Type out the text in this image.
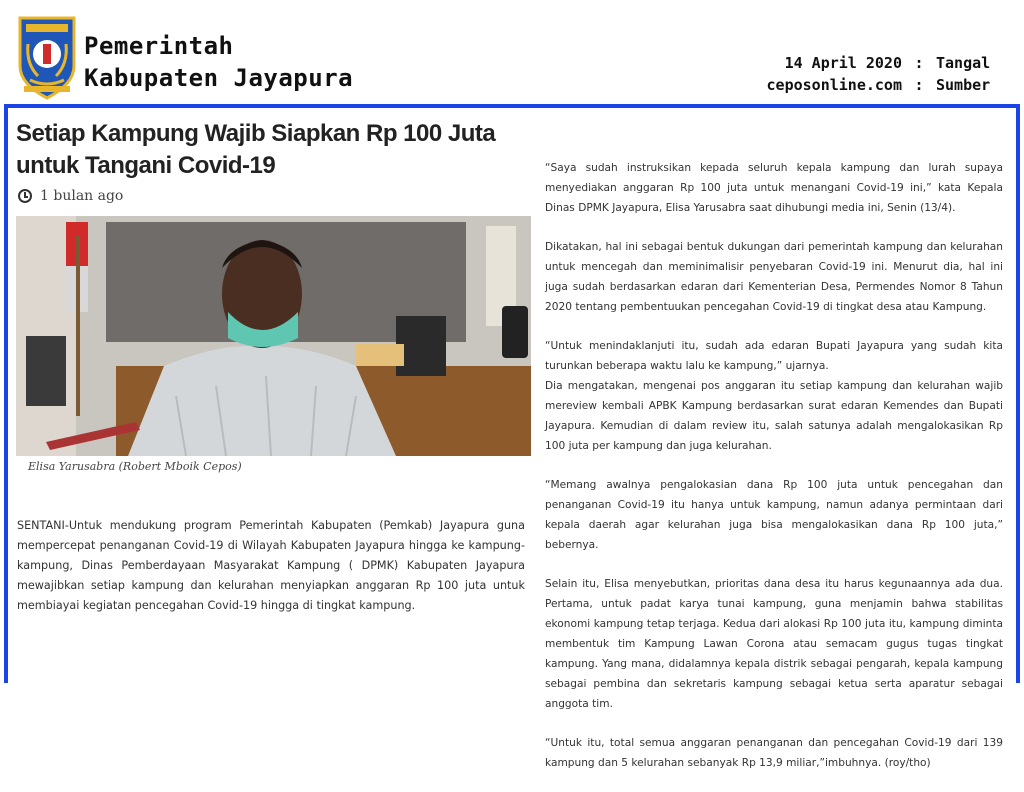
Pemerintah
Kabupaten Jayapura
14 April 2020 : Tangal
ceposonline.com : Sumber
Setiap Kampung Wajib Siapkan Rp 100 Juta untuk Tangani Covid-19
1 bulan ago
Elisa Yarusabra (Robert Mboik Cepos)

SENTANI-Untuk mendukung program Pemerintah Kabupaten (Pemkab) Jayapura guna mempercepat penanganan Covid-19 di Wilayah Kabupaten Jayapura hingga ke kampung-kampung, Dinas Pemberdayaan Masyarakat Kampung ( DPMK) Kabupaten Jayapura mewajibkan setiap kampung dan kelurahan menyiapkan anggaran Rp 100 juta untuk membiayai kegiatan pencegahan Covid-19 hingga di tingkat kampung.

“Saya sudah instruksikan kepada seluruh kepala kampung dan lurah supaya menyediakan anggaran Rp 100 juta untuk menangani Covid-19 ini,” kata Kepala Dinas DPMK Jayapura, Elisa Yarusabra saat dihubungi media ini, Senin (13/4).

Dikatakan, hal ini sebagai bentuk dukungan dari pemerintah kampung dan kelurahan untuk mencegah dan meminimalisir penyebaran Covid-19 ini. Menurut dia, hal ini juga sudah berdasarkan edaran dari Kementerian Desa, Permendes Nomor 8 Tahun 2020 tentang pembentuukan pencegahan Covid-19 di tingkat desa atau Kampung.

“Untuk menindaklanjuti itu, sudah ada edaran Bupati Jayapura yang sudah kita turunkan beberapa waktu lalu ke kampung,” ujarnya.

Dia mengatakan, mengenai pos anggaran itu setiap kampung dan kelurahan wajib mereview kembali APBK Kampung berdasarkan surat edaran Kemendes dan Bupati Jayapura. Kemudian di dalam review itu, salah satunya adalah mengalokasikan Rp 100 juta per kampung dan juga kelurahan.

“Memang awalnya pengalokasian dana Rp 100 juta untuk pencegahan dan penanganan Covid-19 itu hanya untuk kampung, namun adanya permintaan dari kepala daerah agar kelurahan juga bisa mengalokasikan dana Rp 100 juta,” bebernya.

Selain itu, Elisa menyebutkan, prioritas dana desa itu harus kegunaannya ada dua. Pertama, untuk padat karya tunai kampung, guna menjamin bahwa stabilitas ekonomi kampung tetap terjaga. Kedua dari alokasi Rp 100 juta itu, kampung diminta membentuk tim Kampung Lawan Corona atau semacam gugus tugas tingkat kampung. Yang mana, didalamnya kepala distrik sebagai pengarah, kepala kampung sebagai pembina dan sekretaris kampung sebagai ketua serta aparatur sebagai anggota tim.

“Untuk itu, total semua anggaran penanganan dan pencegahan Covid-19 dari 139 kampung dan 5 kelurahan sebanyak Rp 13,9 miliar,”imbuhnya. (roy/tho)
